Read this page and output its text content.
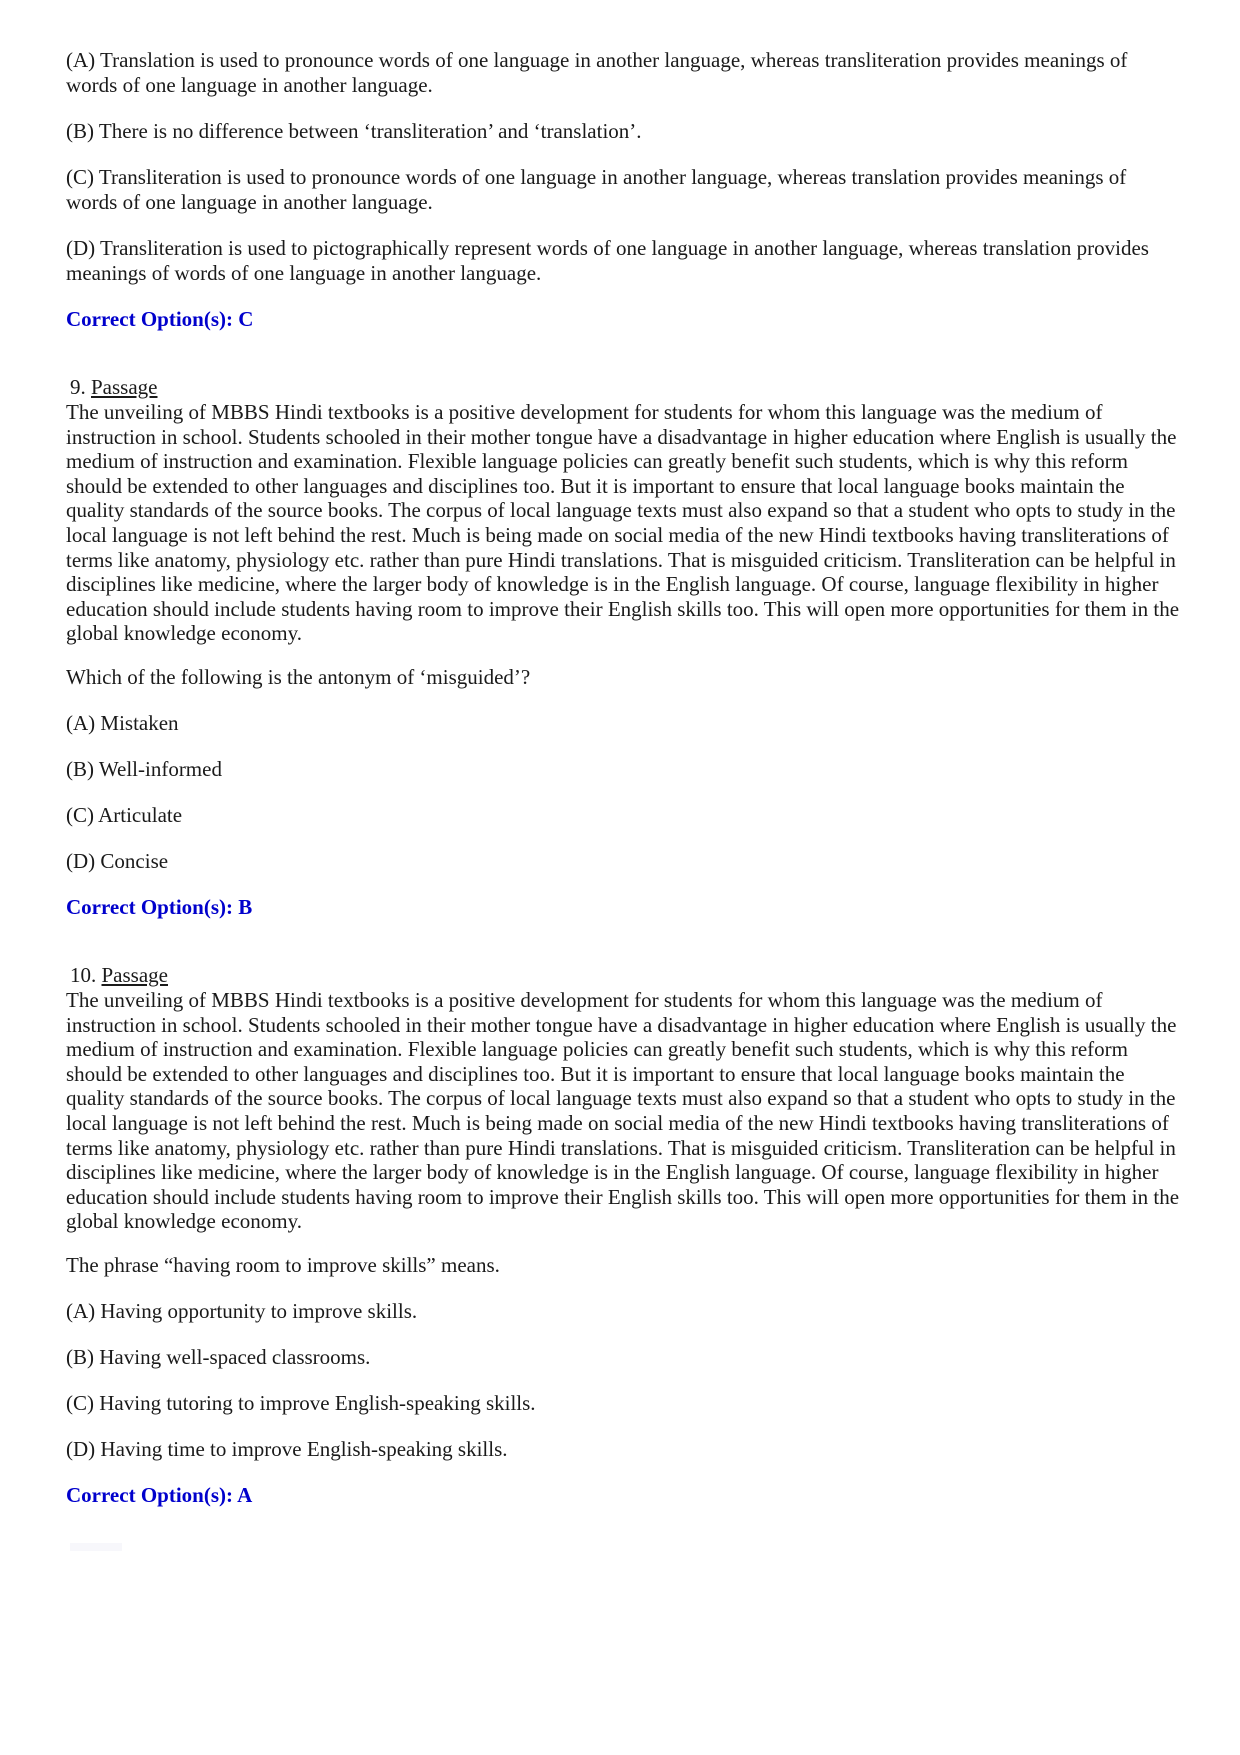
(A) Translation is used to pronounce words of one language in another language, whereas transliteration provides meanings of words of one language in another language.

(B) There is no difference between ‘transliteration’ and ‘translation’.

(C) Transliteration is used to pronounce words of one language in another language, whereas translation provides meanings of words of one language in another language.

(D) Transliteration is used to pictographically represent words of one language in another language, whereas translation provides meanings of words of one language in another language.

Correct Option(s): C

9. Passage

The unveiling of MBBS Hindi textbooks is a positive development for students for whom this language was the medium of instruction in school. Students schooled in their mother tongue have a disadvantage in higher education where English is usually the medium of instruction and examination. Flexible language policies can greatly benefit such students, which is why this reform should be extended to other languages and disciplines too. But it is important to ensure that local language books maintain the quality standards of the source books. The corpus of local language texts must also expand so that a student who opts to study in the local language is not left behind the rest. Much is being made on social media of the new Hindi textbooks having transliterations of terms like anatomy, physiology etc. rather than pure Hindi translations. That is misguided criticism. Transliteration can be helpful in disciplines like medicine, where the larger body of knowledge is in the English language. Of course, language flexibility in higher education should include students having room to improve their English skills too. This will open more opportunities for them in the global knowledge economy.

Which of the following is the antonym of ‘misguided’?

(A) Mistaken

(B) Well-informed

(C) Articulate

(D) Concise

Correct Option(s): B

10. Passage

The unveiling of MBBS Hindi textbooks is a positive development for students for whom this language was the medium of instruction in school. Students schooled in their mother tongue have a disadvantage in higher education where English is usually the medium of instruction and examination. Flexible language policies can greatly benefit such students, which is why this reform should be extended to other languages and disciplines too. But it is important to ensure that local language books maintain the quality standards of the source books. The corpus of local language texts must also expand so that a student who opts to study in the local language is not left behind the rest. Much is being made on social media of the new Hindi textbooks having transliterations of terms like anatomy, physiology etc. rather than pure Hindi translations. That is misguided criticism. Transliteration can be helpful in disciplines like medicine, where the larger body of knowledge is in the English language. Of course, language flexibility in higher education should include students having room to improve their English skills too. This will open more opportunities for them in the global knowledge economy.

The phrase “having room to improve skills” means.

(A) Having opportunity to improve skills.

(B) Having well-spaced classrooms.

(C) Having tutoring to improve English-speaking skills.

(D) Having time to improve English-speaking skills.

Correct Option(s): A
